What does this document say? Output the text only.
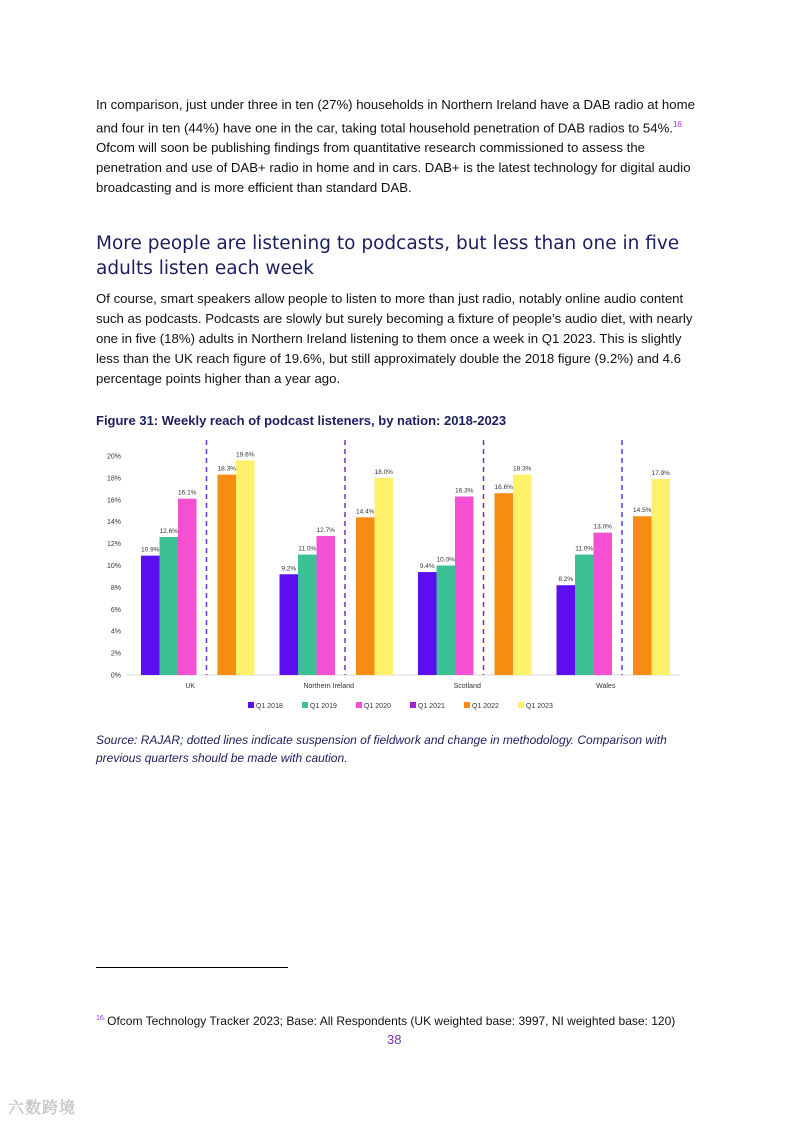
In comparison, just under three in ten (27%) households in Northern Ireland have a DAB radio at home and four in ten (44%) have one in the car, taking total household penetration of DAB radios to 54%.$^{16}$ Ofcom will soon be publishing findings from quantitative research commissioned to assess the penetration and use of DAB+ radio in home and in cars. DAB+ is the latest technology for digital audio broadcasting and is more efficient than standard DAB.

More people are listening to podcasts, but less than one in five adults listen each week

Of course, smart speakers allow people to listen to more than just radio, notably online audio content such as podcasts. Podcasts are slowly but surely becoming a fixture of people’s audio diet, with nearly one in five (18%) adults in Northern Ireland listening to them once a week in Q1 2023. This is slightly less than the UK reach figure of 19.6%, but still approximately double the 2018 figure (9.2%) and 4.6 percentage points higher than a year ago.

Figure 31: Weekly reach of podcast listeners, by nation: 2018-2023
0%
2%
4%
6%
8%
10%
12%
14%
16%
18%
20%
10.9%
12.6%
16.1%
18.3%
19.6%
UK
9.2%
11.0%
12.7%
14.4%
18.0%
Northern Ireland
9.4%
10.0%
16.3%	16.6%
18.3%
Scotland
8.2%
11.0%
13.0%
14.5%
17.9%
Wales
Q1 2018	Q1 2019	Q1 2020	Q1 2021	Q1 2022	Q1 2023

Source: RAJAR; dotted lines indicate suspension of fieldwork and change in methodology. Comparison with previous quarters should be made with caution.

$^{16}$ Ofcom Technology Tracker 2023; Base: All Respondents (UK weighted base: 3997, NI weighted base: 120)

38
六数跨境
